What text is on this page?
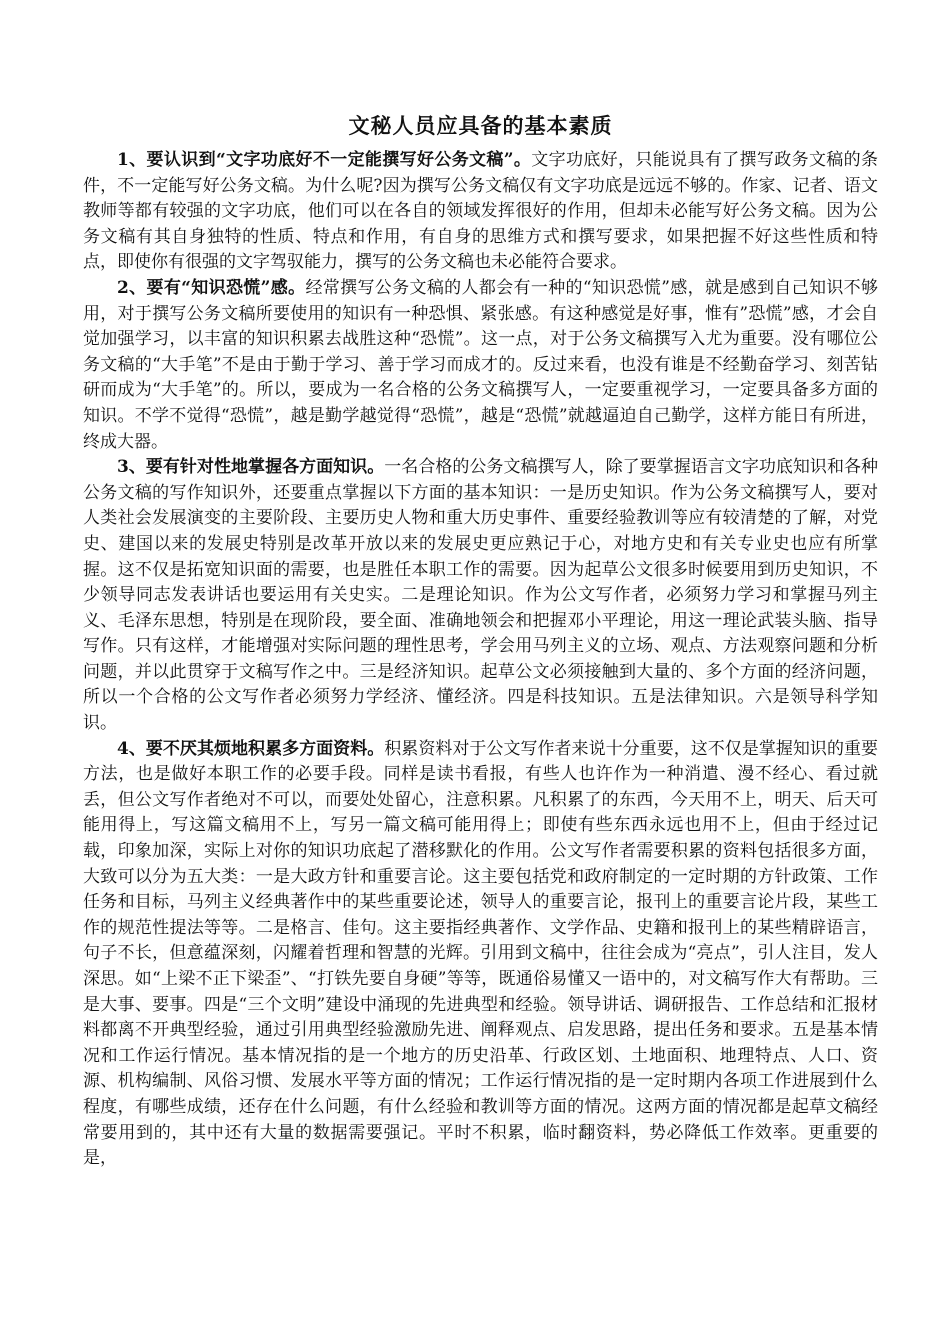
文秘人员应具备的基本素质

1、要认识到“文字功底好不一定能撰写好公务文稿”。文字功底好，只能说具有了撰写政务文稿的条件，不一定能写好公务文稿。为什么呢?因为撰写公务文稿仅有文字功底是远远不够的。作家、记者、语文教师等都有较强的文字功底，他们可以在各自的领域发挥很好的作用，但却未必能写好公务文稿。因为公务文稿有其自身独特的性质、特点和作用，有自身的思维方式和撰写要求，如果把握不好这些性质和特点，即使你有很强的文字驾驭能力，撰写的公务文稿也未必能符合要求。

2、要有“知识恐慌”感。经常撰写公务文稿的人都会有一种的“知识恐慌”感，就是感到自己知识不够用，对于撰写公务文稿所要使用的知识有一种恐惧、紧张感。有这种感觉是好事，惟有”恐慌”感，才会自觉加强学习，以丰富的知识积累去战胜这种“恐慌”。这一点，对于公务文稿撰写入尤为重要。没有哪位公务文稿的“大手笔”不是由于勤于学习、善于学习而成才的。反过来看，也没有谁是不经勤奋学习、刻苦钻研而成为“大手笔”的。所以，要成为一名合格的公务文稿撰写人，一定要重视学习，一定要具备多方面的知识。不学不觉得“恐慌”，越是勤学越觉得“恐慌”，越是“恐慌”就越逼迫自己勤学，这样方能日有所进，终成大器。

3、要有针对性地掌握各方面知识。一名合格的公务文稿撰写人，除了要掌握语言文字功底知识和各种公务文稿的写作知识外，还要重点掌握以下方面的基本知识：一是历史知识。作为公务文稿撰写人，要对人类社会发展演变的主要阶段、主要历史人物和重大历史事件、重要经验教训等应有较清楚的了解，对党史、建国以来的发展史特别是改革开放以来的发展史更应熟记于心，对地方史和有关专业史也应有所掌握。这不仅是拓宽知识面的需要，也是胜任本职工作的需要。因为起草公文很多时候要用到历史知识，不少领导同志发表讲话也要运用有关史实。二是理论知识。作为公文写作者，必须努力学习和掌握马列主义、毛泽东思想，特别是在现阶段，要全面、准确地领会和把握邓小平理论，用这一理论武装头脑、指导写作。只有这样，才能增强对实际问题的理性思考，学会用马列主义的立场、观点、方法观察问题和分析问题，并以此贯穿于文稿写作之中。三是经济知识。起草公文必须接触到大量的、多个方面的经济问题，所以一个合格的公文写作者必须努力学经济、懂经济。四是科技知识。五是法律知识。六是领导科学知识。

4、要不厌其烦地积累多方面资料。积累资料对于公文写作者来说十分重要，这不仅是掌握知识的重要方法，也是做好本职工作的必要手段。同样是读书看报，有些人也许作为一种消遣、漫不经心、看过就丢，但公文写作者绝对不可以，而要处处留心，注意积累。凡积累了的东西，今天用不上，明天、后天可能用得上，写这篇文稿用不上，写另一篇文稿可能用得上；即使有些东西永远也用不上，但由于经过记载，印象加深，实际上对你的知识功底起了潜移默化的作用。公文写作者需要积累的资料包括很多方面，大致可以分为五大类：一是大政方针和重要言论。这主要包括党和政府制定的一定时期的方针政策、工作任务和目标，马列主义经典著作中的某些重要论述，领导人的重要言论，报刊上的重要言论片段，某些工作的规范性提法等等。二是格言、佳句。这主要指经典著作、文学作品、史籍和报刊上的某些精辟语言，句子不长，但意蕴深刻，闪耀着哲理和智慧的光辉。引用到文稿中，往往会成为“亮点”，引人注目，发人深思。如“上梁不正下梁歪”、“打铁先要自身硬”等等，既通俗易懂又一语中的，对文稿写作大有帮助。三是大事、要事。四是“三个文明”建设中涌现的先进典型和经验。领导讲话、调研报告、工作总结和汇报材料都离不开典型经验，通过引用典型经验激励先进、阐释观点、启发思路，提出任务和要求。五是基本情况和工作运行情况。基本情况指的是一个地方的历史沿革、行政区划、土地面积、地理特点、人口、资源、机构编制、风俗习惯、发展水平等方面的情况；工作运行情况指的是一定时期内各项工作进展到什么程度，有哪些成绩，还存在什么问题，有什么经验和教训等方面的情况。这两方面的情况都是起草文稿经常要用到的，其中还有大量的数据需要强记。平时不积累，临时翻资料，势必降低工作效率。更重要的是，
